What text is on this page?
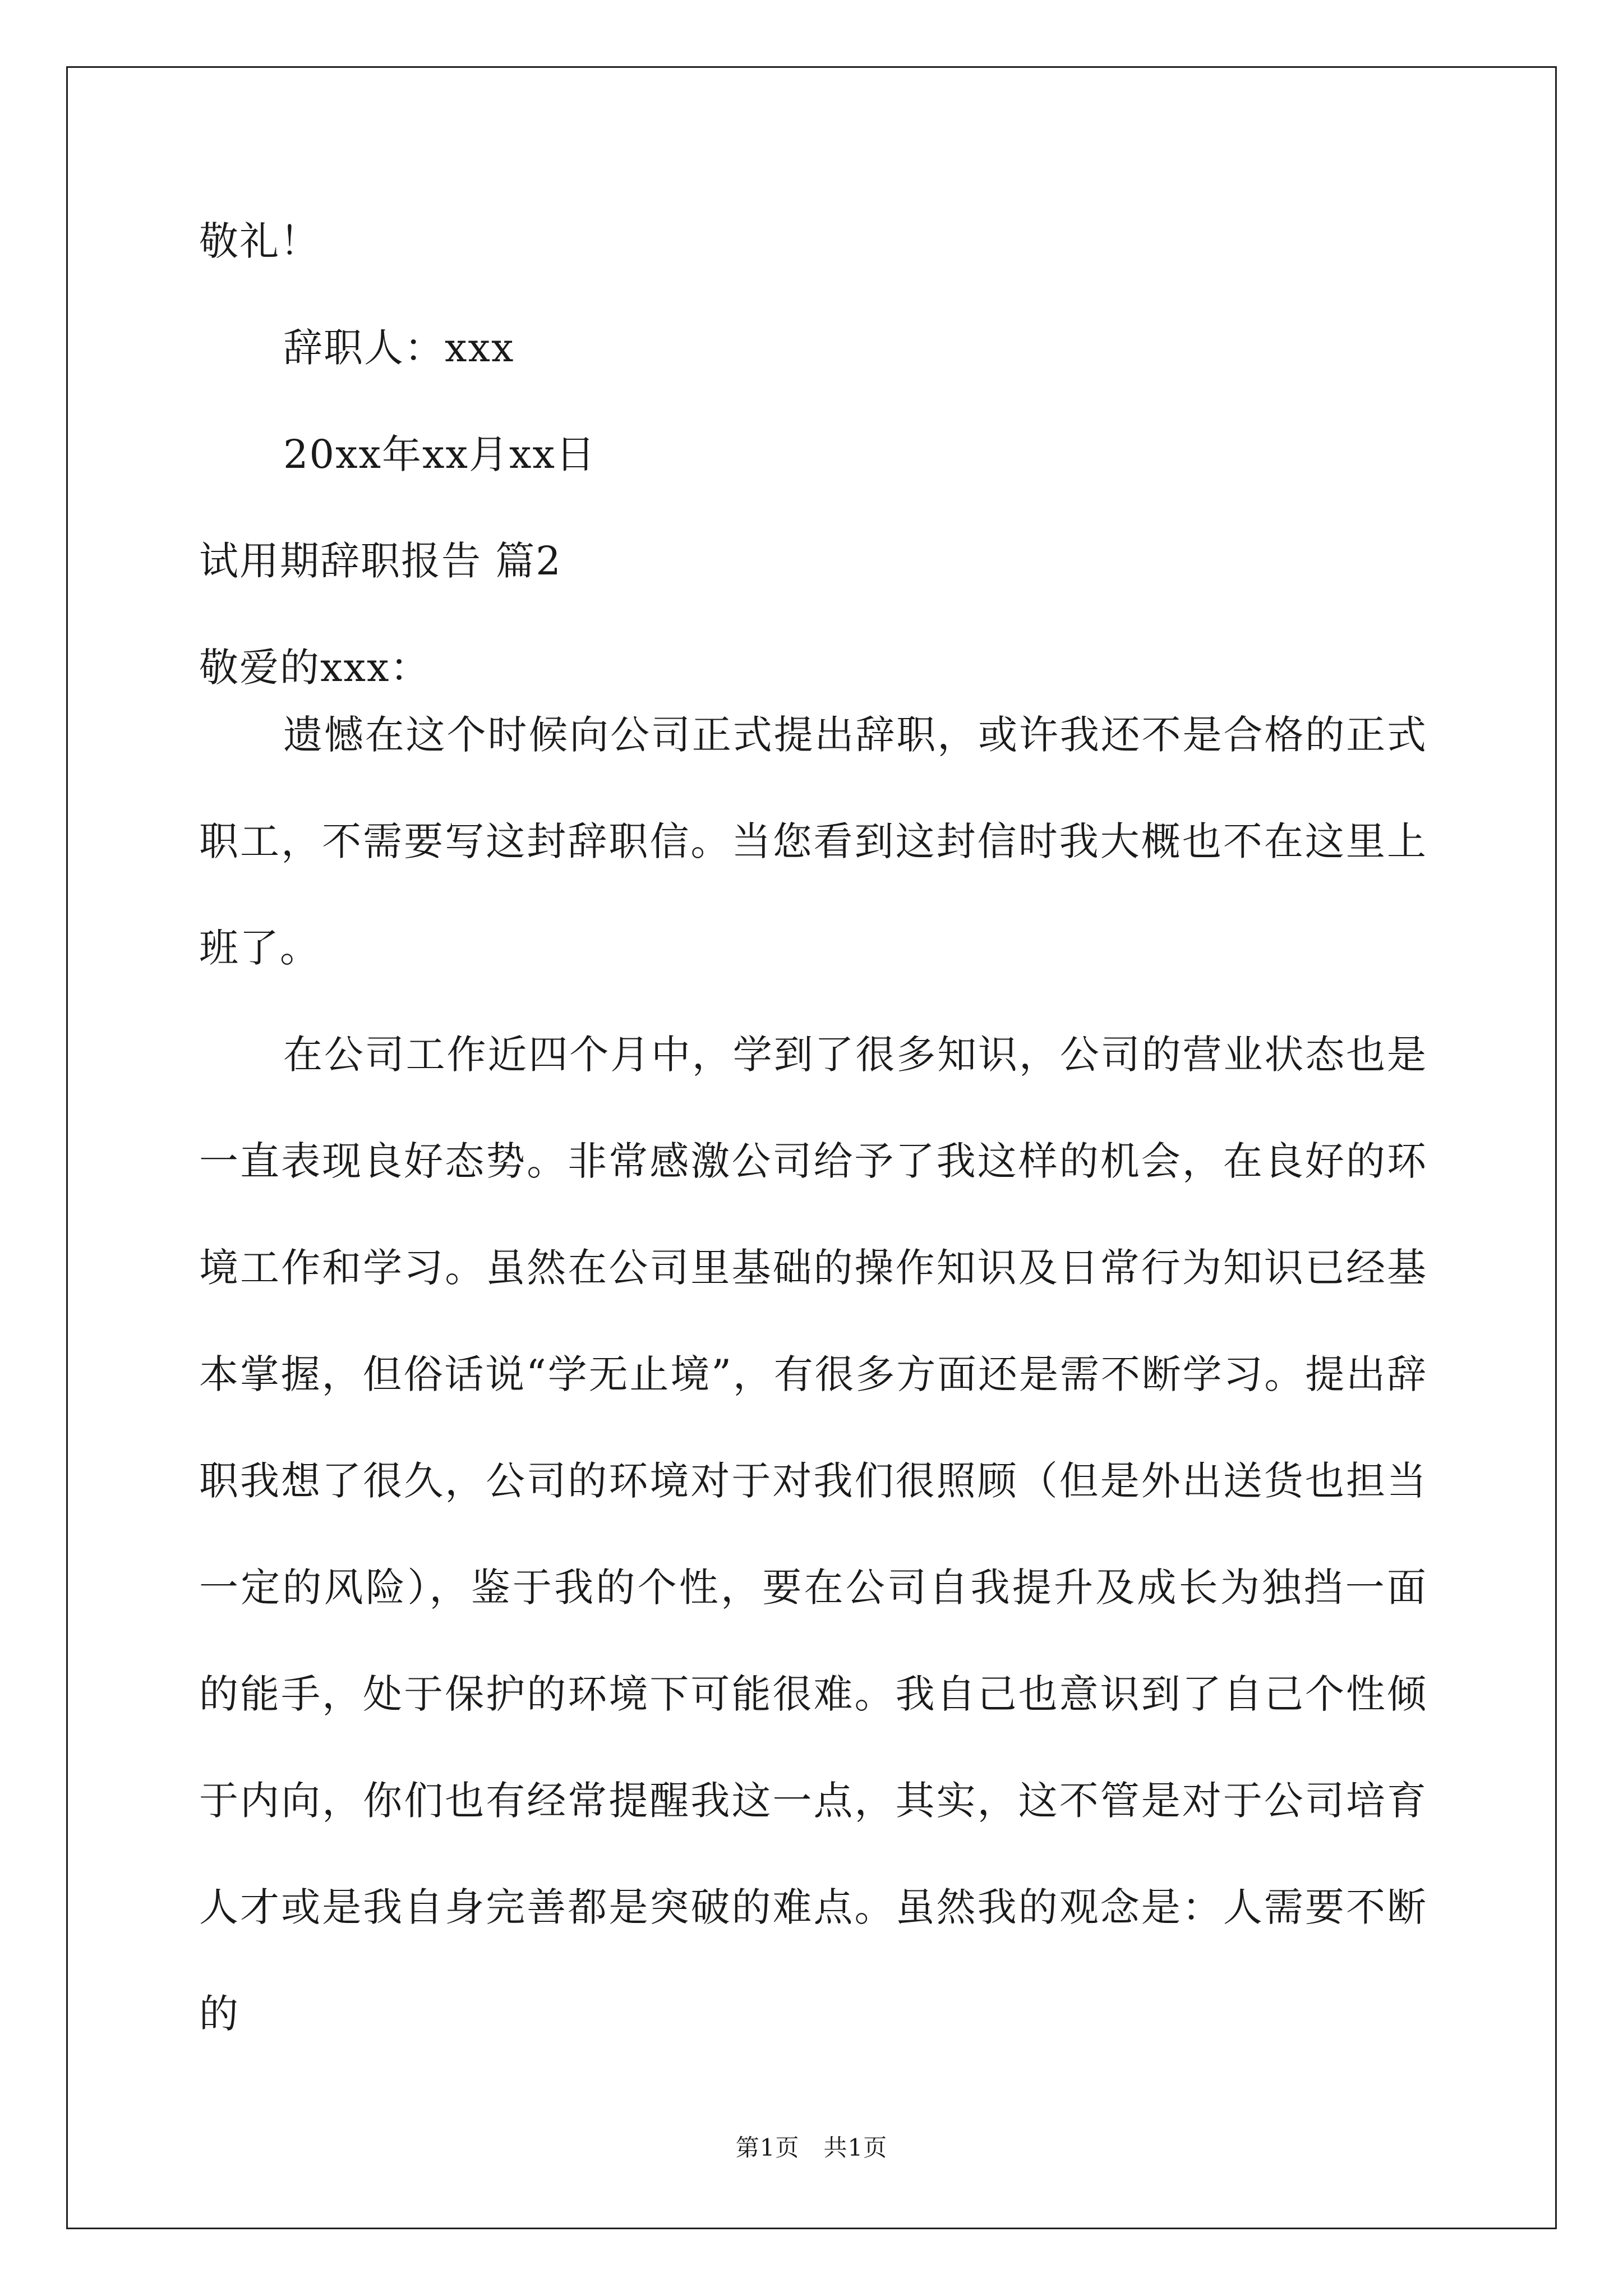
敬礼！
辞职人：xxx
20xx年xx月xx日
试用期辞职报告 篇2
敬爱的xxx：

遗憾在这个时候向公司正式提出辞职，或许我还不是合格的正式职工，不需要写这封辞职信。当您看到这封信时我大概也不在这里上班了。

在公司工作近四个月中，学到了很多知识，公司的营业状态也是一直表现良好态势。非常感激公司给予了我这样的机会，在良好的环境工作和学习。虽然在公司里基础的操作知识及日常行为知识已经基本掌握，但俗话说“学无止境”，有很多方面还是需不断学习。提出辞职我想了很久，公司的环境对于对我们很照顾（但是外出送货也担当一定的风险），鉴于我的个性，要在公司自我提升及成长为独挡一面的能手，处于保护的环境下可能很难。我自己也意识到了自己个性倾于内向，你们也有经常提醒我这一点，其实，这不管是对于公司培育人才或是我自身完善都是突破的难点。虽然我的观念是：人需要不断的

第1页　共1页
